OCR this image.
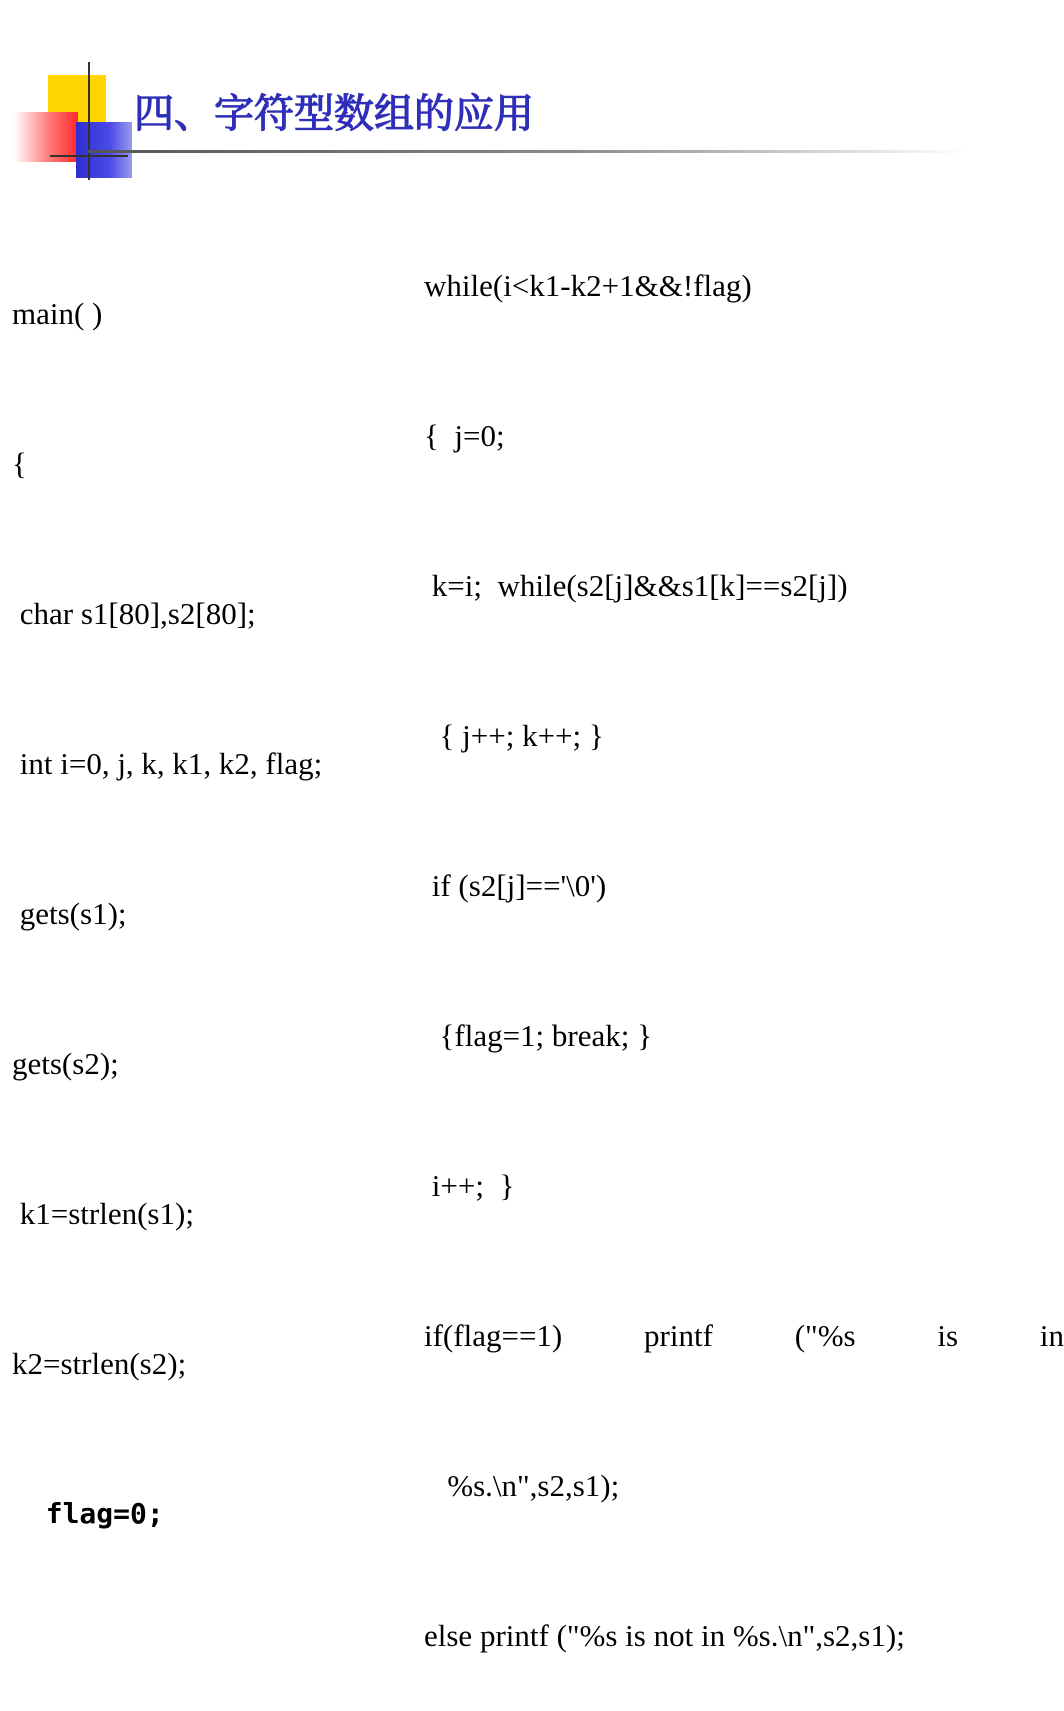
四、字符型数组的应用

main( )

{

char s1[80],s2[80];

int i=0, j, k, k1, k2, flag;

gets(s1);

gets(s2);

k1=strlen(s1);

k2=strlen(s2);

flag=0;

while(i<k1-k2+1&&!flag)

{  j=0;

k=i;  while(s2[j]&&s1[k]==s2[j])

{ j++; k++; }

if (s2[j]=='\0')

{flag=1; break; }

i++;  }

if(flag==1)	printf	("%s	is	in

%s.\n",s2,s1);

else printf ("%s is not in %s.\n",s2,s1);
